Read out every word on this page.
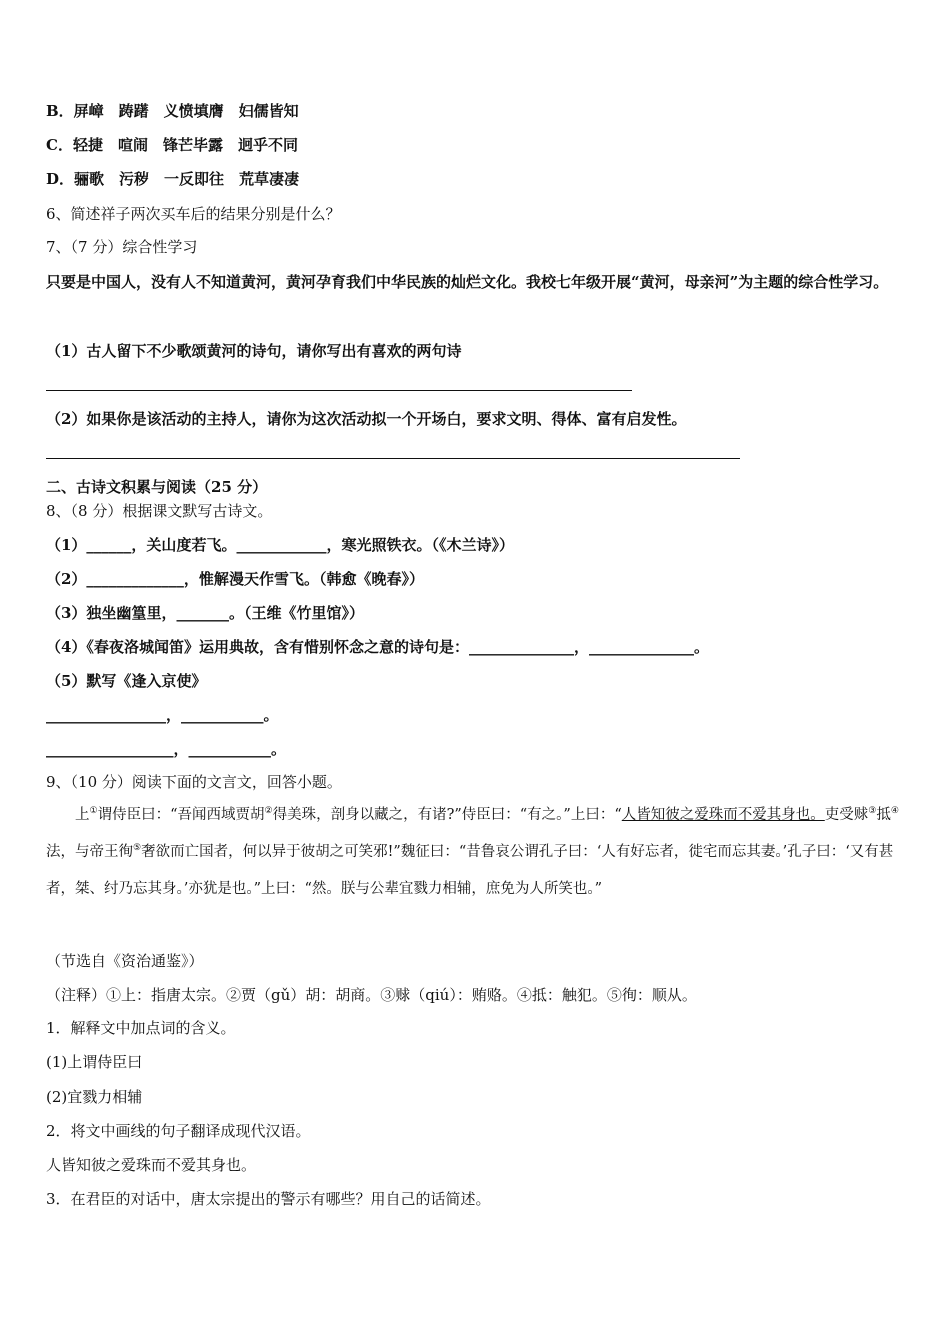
B．屏嶂　踌躇　义愤填膺　妇儒皆知
C．轻捷　喧闹　锋芒毕露　迥乎不同
D．骊歌　污秽　一反即往　荒草凄凄
6、简述祥子两次买车后的结果分别是什么？
7、（7 分）综合性学习
只要是中国人，没有人不知道黄河，黄河孕育我们中华民族的灿烂文化。我校七年级开展“黄河，母亲河”为主题的综合性学习。
（1）古人留下不少歌颂黄河的诗句，请你写出有喜欢的两句诗
（2）如果你是该活动的主持人，请你为这次活动拟一个开场白，要求文明、得体、富有启发性。
二、古诗文积累与阅读（25 分）
8、（8 分）根据课文默写古诗文。
（1）______，关山度若飞。____________，寒光照铁衣。（《木兰诗》）
（2）_____________，惟解漫天作雪飞。（韩愈《晚春》）
（3）独坐幽篁里，_______。（王维《竹里馆》）
（4）《春夜洛城闻笛》运用典故，含有惜别怀念之意的诗句是：______________，______________。
（5）默写《逢入京使》
________________，___________。
_________________，___________。
9、（10 分）阅读下面的文言文，回答小题。
上①谓侍臣曰：“吾闻西域贾胡②得美珠，剖身以藏之，有诸?”侍臣曰：“有之。”上曰：“人皆知彼之爱珠而不爱其身也。吏受赇③抵④法，与帝王徇⑤奢欲而亡国者，何以异于彼胡之可笑邪!”魏征曰：“昔鲁哀公谓孔子曰：‘人有好忘者，徙宅而忘其妻。’孔子曰：‘又有甚者，桀、纣乃忘其身。’亦犹是也。”上曰：“然。朕与公辈宜戮力相辅，庶免为人所笑也。”
（节选自《资治通鉴》）
（注释）①上：指唐太宗。②贾（gǔ）胡：胡商。③赇（qiú）：贿赂。④抵：触犯。⑤徇：顺从。
1．解释文中加点词的含义。
(1)上谓侍臣曰
(2)宜戮力相辅
2．将文中画线的句子翻译成现代汉语。
人皆知彼之爱珠而不爱其身也。
3．在君臣的对话中，唐太宗提出的警示有哪些？用自己的话简述。
